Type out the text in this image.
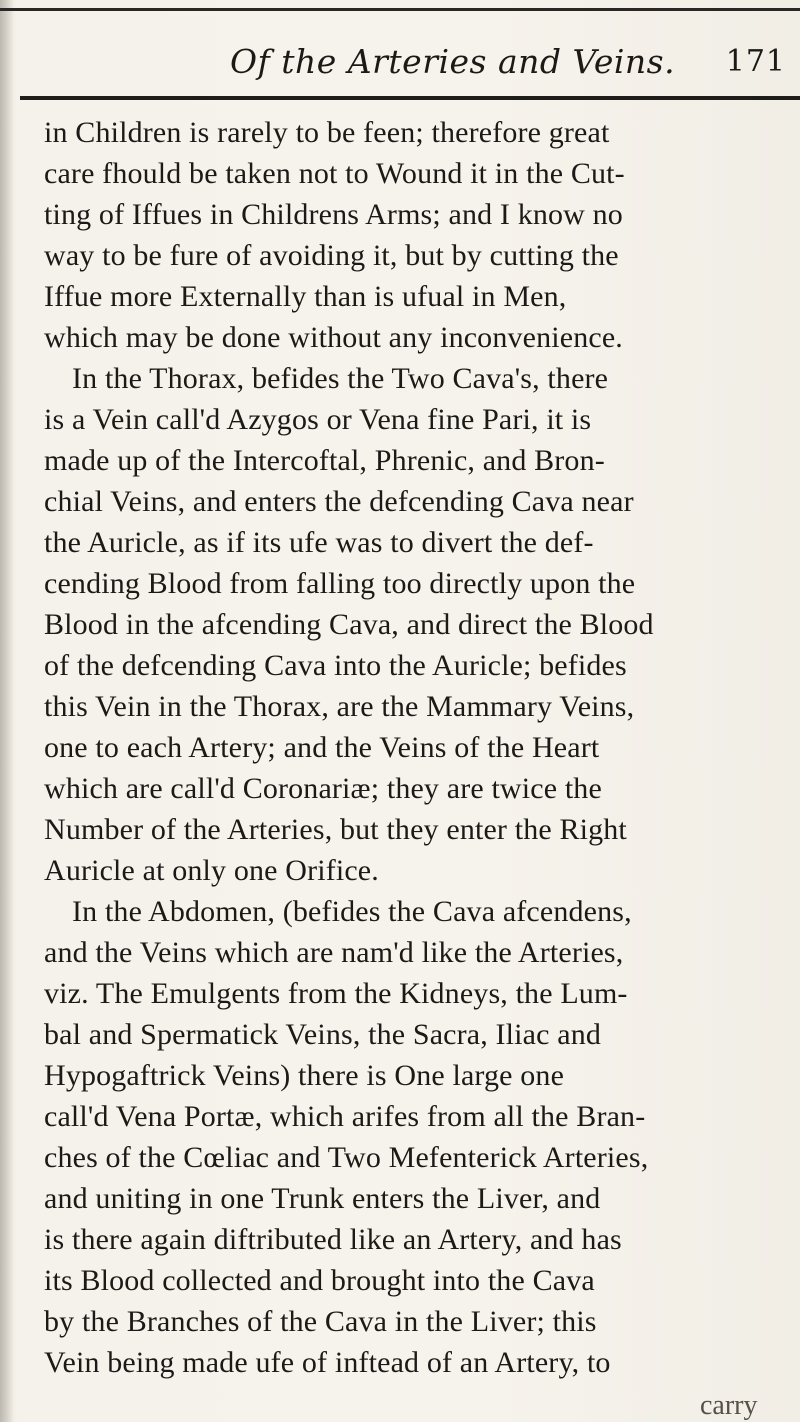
Of the Arteries and Veins. 171
in Children is rarely to be feen; therefore great
care fhould be taken not to Wound it in the Cut-
ting of Iffues in Childrens Arms; and I know no
way to be fure of avoiding it, but by cutting the
Iffue more Externally than is ufual in Men,
which may be done without any inconvenience.
In the Thorax, befides the Two Cava's, there
is a Vein call'd Azygos or Vena fine Pari, it is
made up of the Intercoftal, Phrenic, and Bron-
chial Veins, and enters the defcending Cava near
the Auricle, as if its ufe was to divert the def-
cending Blood from falling too directly upon the
Blood in the afcending Cava, and direct the Blood
of the defcending Cava into the Auricle; befides
this Vein in the Thorax, are the Mammary Veins,
one to each Artery; and the Veins of the Heart
which are call'd Coronariæ; they are twice the
Number of the Arteries, but they enter the Right
Auricle at only one Orifice.
In the Abdomen, (befides the Cava afcendens,
and the Veins which are nam'd like the Arteries,
viz. The Emulgents from the Kidneys, the Lum-
bal and Spermatick Veins, the Sacra, Iliac and
Hypogaftrick Veins) there is One large one
call'd Vena Portæ, which arifes from all the Bran-
ches of the Cœliac and Two Mefenterick Arteries,
and uniting in one Trunk enters the Liver, and
is there again diftributed like an Artery, and has
its Blood collected and brought into the Cava
by the Branches of the Cava in the Liver; this
Vein being made ufe of inftead of an Artery, to
carry
